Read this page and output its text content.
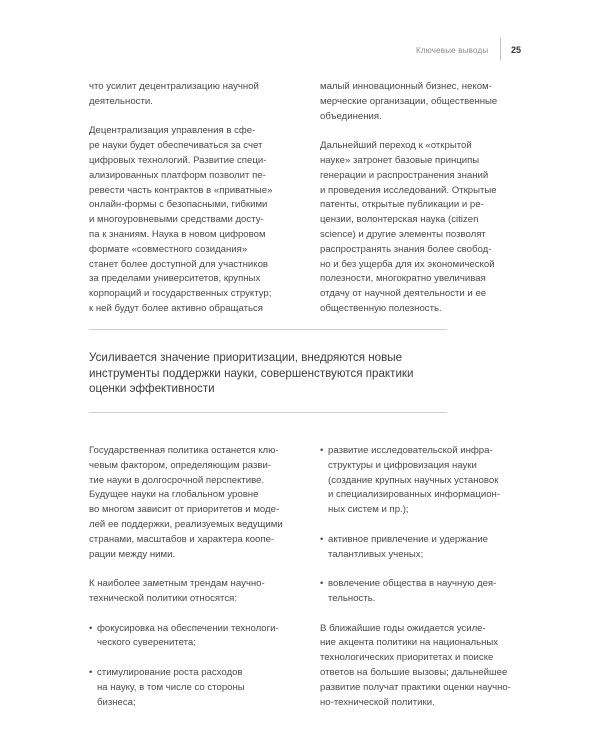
Ключевые выводы	25

что усилит децентрализацию научной
деятельности.

Децентрализация управления в сфе-
ре науки будет обеспечиваться за счет
цифровых технологий. Развитие специ-
ализированных платформ позволит пе-
ревести часть контрактов в «приватные»
онлайн-формы с безопасными, гибкими
и многоуровневыми средствами досту-
па к знаниям. Наука в новом цифровом
формате «совместного созидания»
станет более доступной для участников
за пределами университетов, крупных
корпораций и государственных структур;
к ней будут более активно обращаться

малый инновационный бизнес, неком-
мерческие организации, общественные
объединения.

Дальнейший переход к «открытой
науке» затронет базовые принципы
генерации и распространения знаний
и проведения исследований. Открытые
патенты, открытые публикации и ре-
цензии, волонтерская наука (citizen
science) и другие элементы позволят
распространять знания более свобод-
но и без ущерба для их экономической
полезности, многократно увеличивая
отдачу от научной деятельности и ее
общественную полезность.

Усиливается значение приоритизации, внедряются новые
инструменты поддержки науки, совершенствуются практики
оценки эффективности

Государственная политика останется клю-
чевым фактором, определяющим разви-
тие науки в долгосрочной перспективе.
Будущее науки на глобальном уровне
во многом зависит от приоритетов и моде-
лей ее поддержки, реализуемых ведущими
странами, масштабов и характера коопе-
рации между ними.

К наиболее заметным трендам научно-
технической политики относятся:

• фокусировка на обеспечении технологи-
ческого суверенитета;
• стимулирование роста расходов
на науку, в том числе со стороны
бизнеса;
• развитие исследовательской инфра-
структуры и цифровизация науки
(создание крупных научных установок
и специализированных информацион-
ных систем и пр.);
• активное привлечение и удержание
талантливых ученых;
• вовлечение общества в научную дея-
тельность.

В ближайшие годы ожидается усиле-
ние акцента политики на национальных
технологических приоритетах и поиске
ответов на большие вызовы; дальнейшее
развитие получат практики оценки научно-
но-технической политики.
